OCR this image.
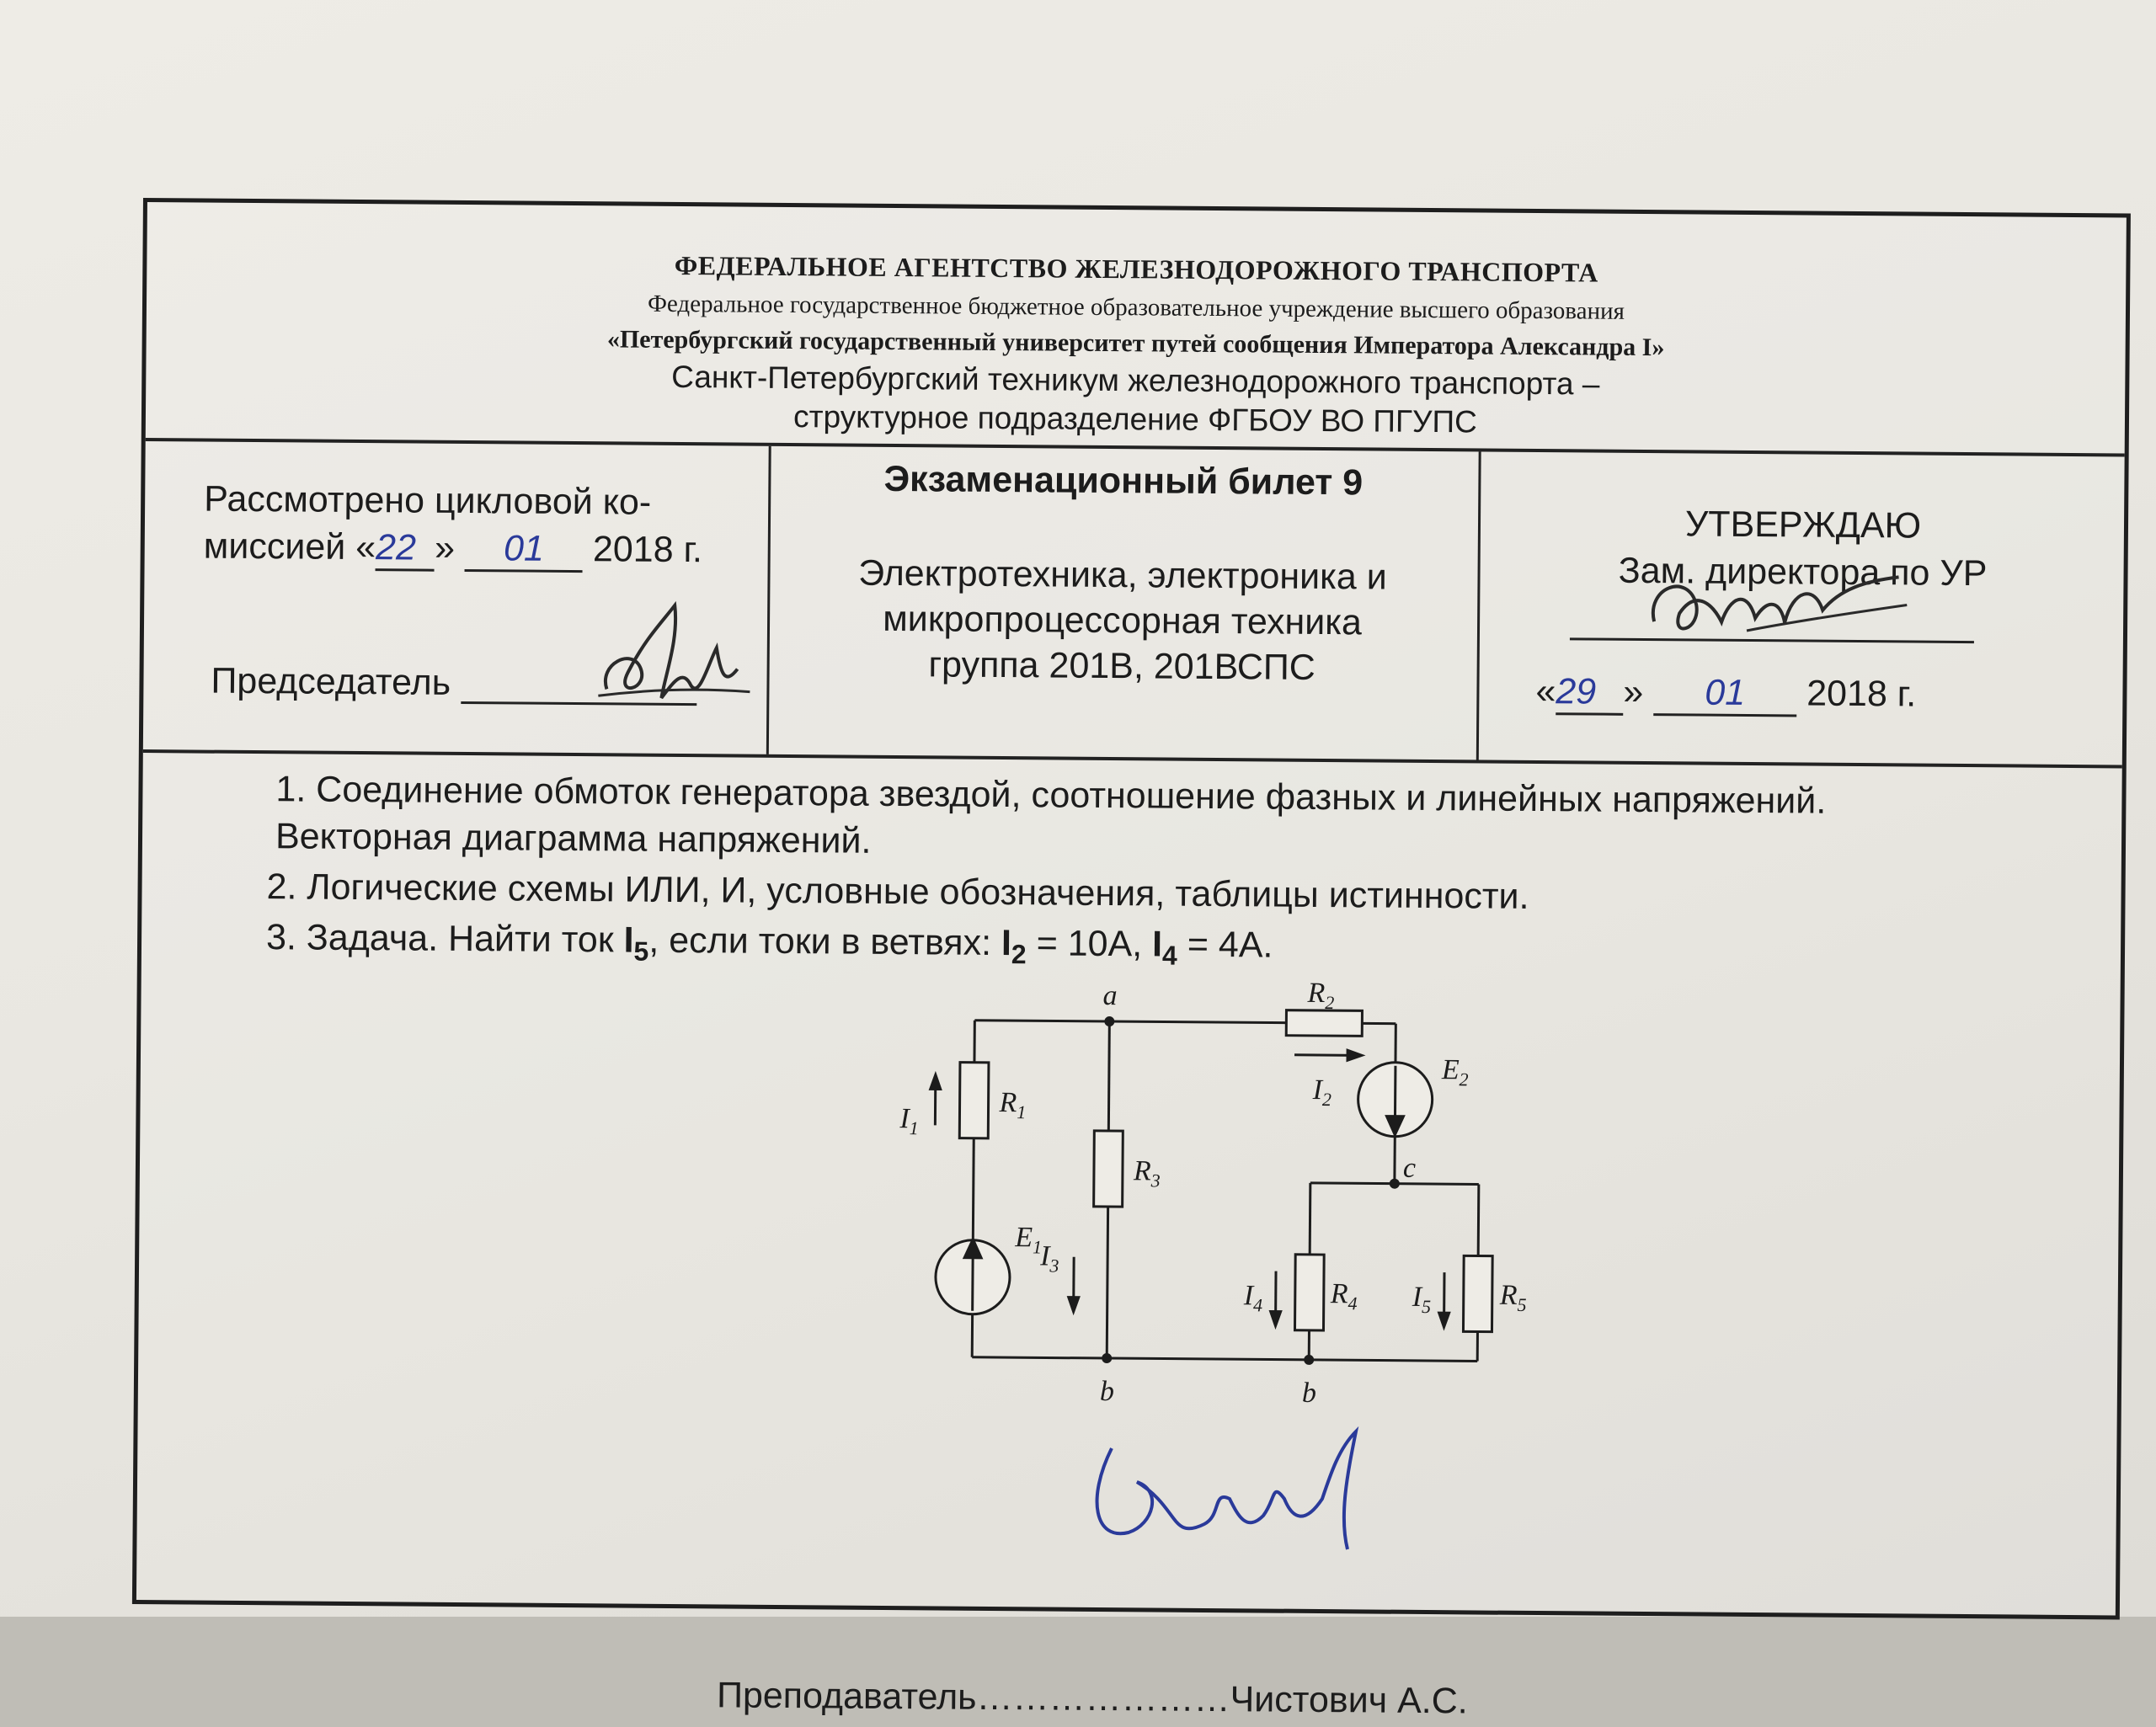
ФЕДЕРАЛЬНОЕ АГЕНТСТВО ЖЕЛЕЗНОДОРОЖНОГО ТРАНСПОРТА
Федеральное государственное бюджетное образовательное учреждение высшего образования
«Петербургский государственный университет путей сообщения Императора Александра I»
Санкт-Петербургский техникум железнодорожного транспорта –
структурное подразделение ФГБОУ ВО ПГУПС
Рассмотрено цикловой ко-
миссией «22 » 01 2018 г.
Председатель
Экзаменационный билет 9
Электротехника, электроника и
микропроцессорная техника
группа 201В, 201ВСПС
УТВЕРЖДАЮ
Зам. директора по УР
«29 » 01 2018 г.
1. Соединение обмоток генератора звездой, соотношение фазных и линейных напряжений.
Векторная диаграмма напряжений.
2. Логические схемы ИЛИ, И, условные обозначения, таблицы истинности.
3. Задача. Найти ток $I_5$, если токи в ветвях: $I_2 = 10А$, $I_4 = 4А$.
a
b	b
c
$R_1$
$R_2$
$R_3$
$R_4$	$R_5$
$E_1$
$E_2$
$I_1$
$I_2$
$I_3$
$I_4$	$I_5$
Преподаватель…………………Чистович А.С.
